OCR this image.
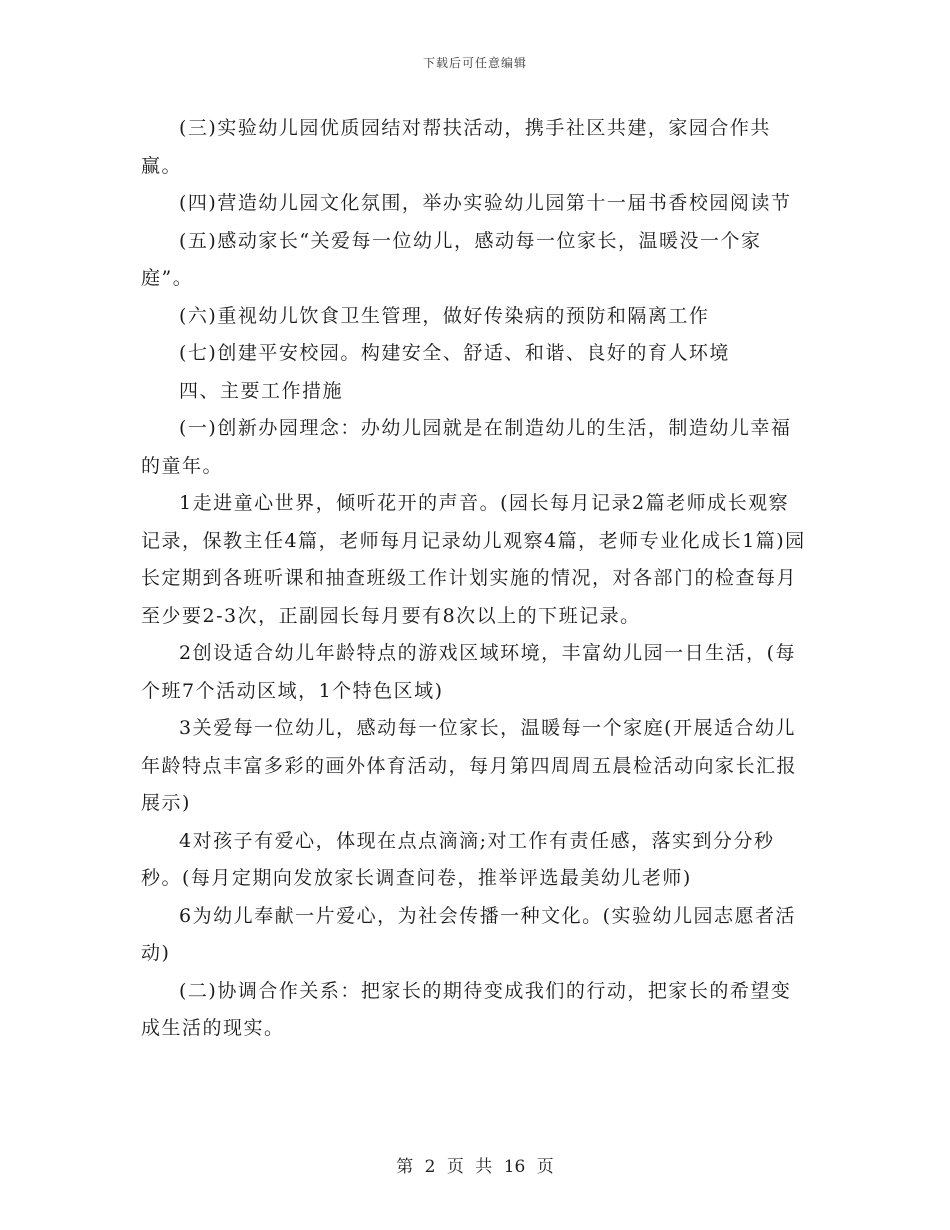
下载后可任意编辑

(三)实验幼儿园优质园结对帮扶活动，携手社区共建，家园合作共赢。

(四)营造幼儿园文化氛围，举办实验幼儿园第十一届书香校园阅读节

(五)感动家长“关爱每一位幼儿，感动每一位家长，温暖没一个家庭”。

(六)重视幼儿饮食卫生管理，做好传染病的预防和隔离工作

(七)创建平安校园。构建安全、舒适、和谐、良好的育人环境

四、主要工作措施

(一)创新办园理念：办幼儿园就是在制造幼儿的生活，制造幼儿幸福的童年。

1走进童心世界，倾听花开的声音。(园长每月记录2篇老师成长观察记录，保教主任4篇，老师每月记录幼儿观察4篇，老师专业化成长1篇)园长定期到各班听课和抽查班级工作计划实施的情况，对各部门的检查每月至少要2-3次，正副园长每月要有8次以上的下班记录。

2创设适合幼儿年龄特点的游戏区域环境，丰富幼儿园一日生活，(每个班7个活动区域，1个特色区域)

3关爱每一位幼儿，感动每一位家长，温暖每一个家庭(开展适合幼儿年龄特点丰富多彩的画外体育活动，每月第四周周五晨检活动向家长汇报展示)

4对孩子有爱心，体现在点点滴滴;对工作有责任感，落实到分分秒秒。(每月定期向发放家长调查问卷，推举评选最美幼儿老师)

6为幼儿奉献一片爱心，为社会传播一种文化。(实验幼儿园志愿者活动)

(二)协调合作关系：把家长的期待变成我们的行动，把家长的希望变成生活的现实。

第 2 页 共 16 页
